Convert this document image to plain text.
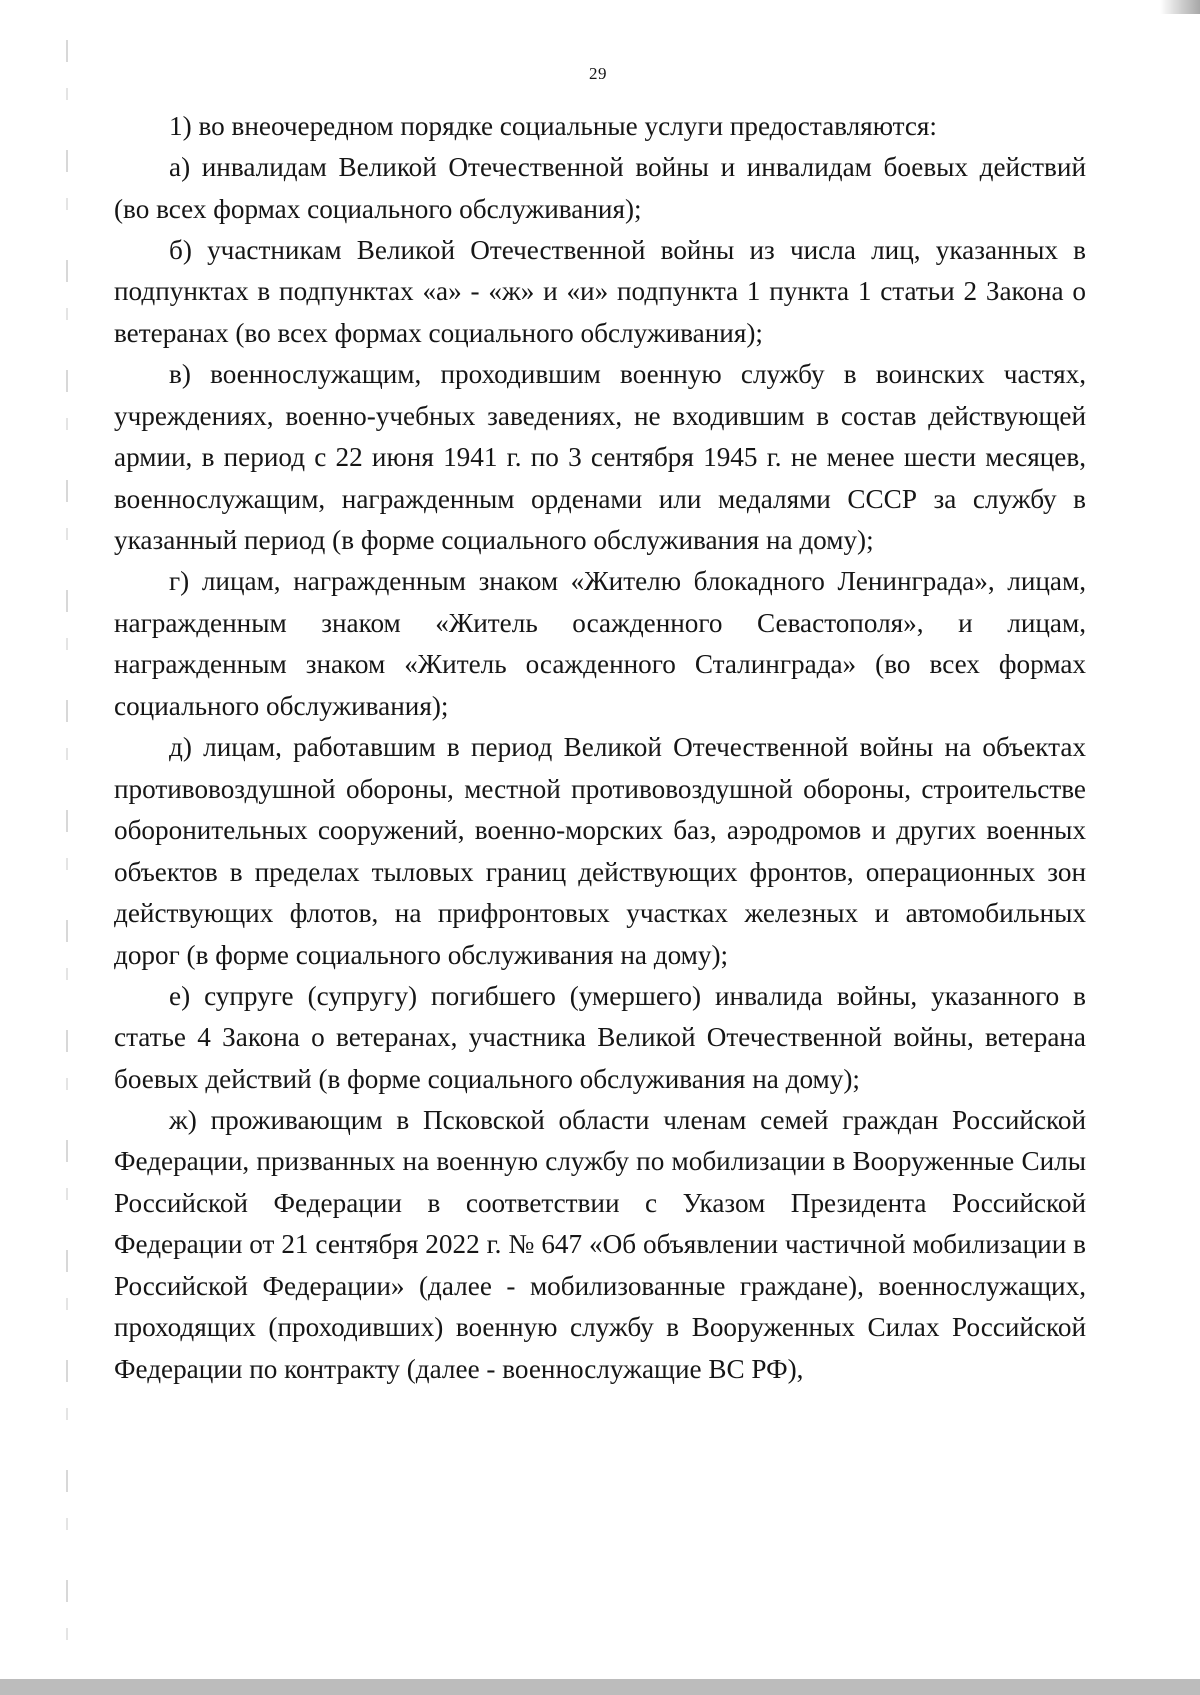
29

1) во внеочередном порядке социальные услуги предоставляются:

а) инвалидам Великой Отечественной войны и инвалидам боевых действий (во всех формах социального обслуживания);

б) участникам Великой Отечественной войны из числа лиц, указанных в подпунктах в подпунктах «а» - «ж» и «и» подпункта 1 пункта 1 статьи 2 Закона о ветеранах (во всех формах социального обслуживания);

в) военнослужащим, проходившим военную службу в воинских частях, учреждениях, военно-учебных заведениях, не входившим в состав действующей армии, в период с 22 июня 1941 г. по 3 сентября 1945 г. не менее шести месяцев, военнослужащим, награжденным орденами или медалями СССР за службу в указанный период (в форме социального обслуживания на дому);

г) лицам, награжденным знаком «Жителю блокадного Ленинграда», лицам, награжденным знаком «Житель осажденного Севастополя», и лицам, награжденным знаком «Житель осажденного Сталинграда» (во всех формах социального обслуживания);

д) лицам, работавшим в период Великой Отечественной войны на объектах противовоздушной обороны, местной противовоздушной обороны, строительстве оборонительных сооружений, военно-морских баз, аэродромов и других военных объектов в пределах тыловых границ действующих фронтов, операционных зон действующих флотов, на прифронтовых участках железных и автомобильных дорог (в форме социального обслуживания на дому);

е) супруге (супругу) погибшего (умершего) инвалида войны, указанного в статье 4 Закона о ветеранах, участника Великой Отечественной войны, ветерана боевых действий (в форме социального обслуживания на дому);

ж) проживающим в Псковской области членам семей граждан Российской Федерации, призванных на военную службу по мобилизации в Вооруженные Силы Российской Федерации в соответствии с Указом Президента Российской Федерации от 21 сентября 2022 г. № 647 «Об объявлении частичной мобилизации в Российской Федерации» (далее - мобилизованные граждане), военнослужащих, проходящих (проходивших) военную службу в Вооруженных Силах Российской Федерации по контракту (далее - военнослужащие ВС РФ),
